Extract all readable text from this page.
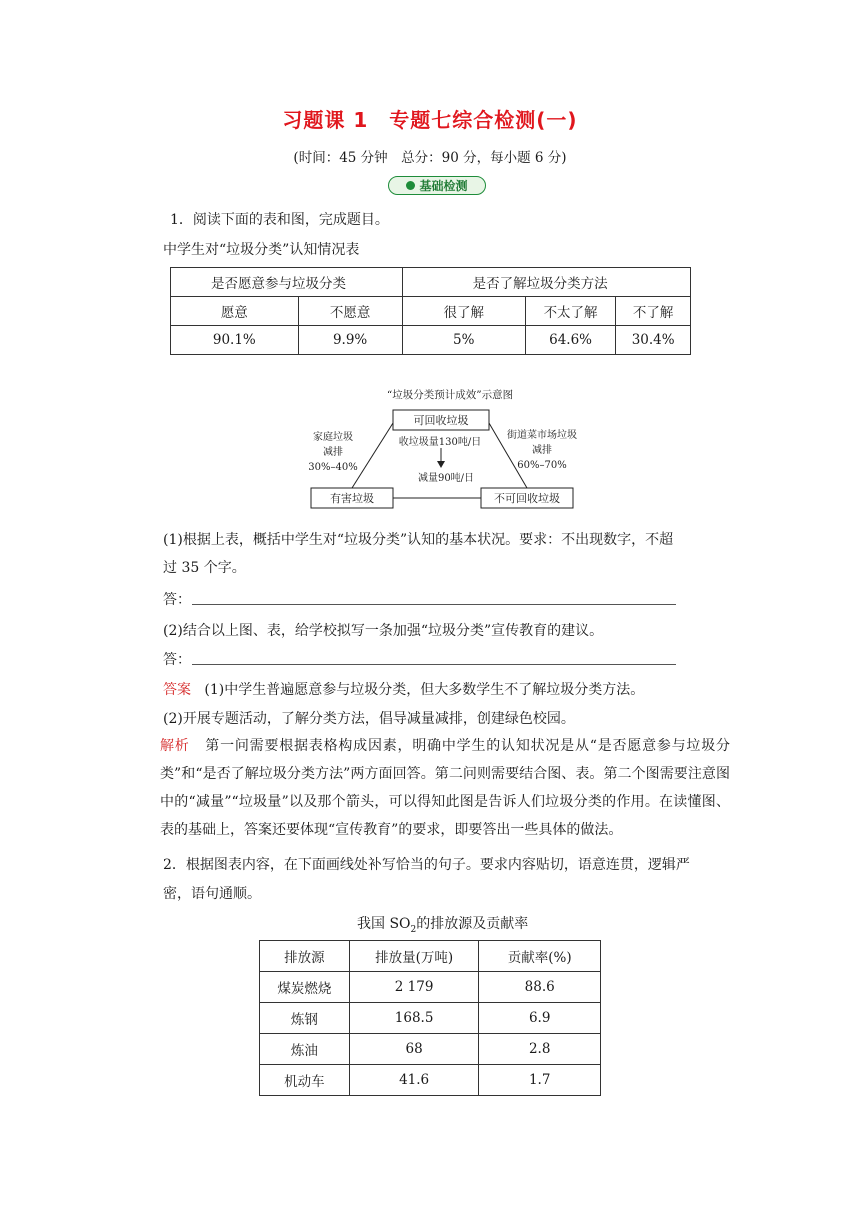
习题课 1　专题七综合检测(一)
(时间：45 分钟　总分：90 分，每小题 6 分)
基础检测
1．阅读下面的表和图，完成题目。
中学生对“垃圾分类”认知情况表
是否愿意参与垃圾分类		是否了解垃圾分类方法		
愿意	不愿意	很了解	不太了解	不了解
90.1%	9.9%	5%	64.6%	30.4%
“垃圾分类预计成效”示意图
可回收垃圾
有害垃圾	不可回收垃圾
收垃圾量130吨/日
减量90吨/日
家庭垃圾
减排
30%–40%
街道菜市场垃圾
减排
60%–70%
(1)根据上表，概括中学生对“垃圾分类”认知的基本状况。要求：不出现数字，不超
过 35 个字。
答：
(2)结合以上图、表，给学校拟写一条加强“垃圾分类”宣传教育的建议。
答：
答案 (1)中学生普遍愿意参与垃圾分类，但大多数学生不了解垃圾分类方法。
(2)开展专题活动，了解分类方法，倡导减量减排，创建绿色校园。
解析 第一问需要根据表格构成因素，明确中学生的认知状况是从“是否愿意参与垃圾分类”和“是否了解垃圾分类方法”两方面回答。第二问则需要结合图、表。第二个图需要注意图中的“减量”“垃圾量”以及那个箭头，可以得知此图是告诉人们垃圾分类的作用。在读懂图、表的基础上，答案还要体现“宣传教育”的要求，即要答出一些具体的做法。
2．根据图表内容，在下面画线处补写恰当的句子。要求内容贴切，语意连贯，逻辑严
密，语句通顺。
我国 $SO_2$的排放源及贡献率
排放源	排放量(万吨)	贡献率(%)
煤炭燃烧	2 179	88.6
炼钢	168.5	6.9
炼油	68	2.8
机动车	41.6	1.7
